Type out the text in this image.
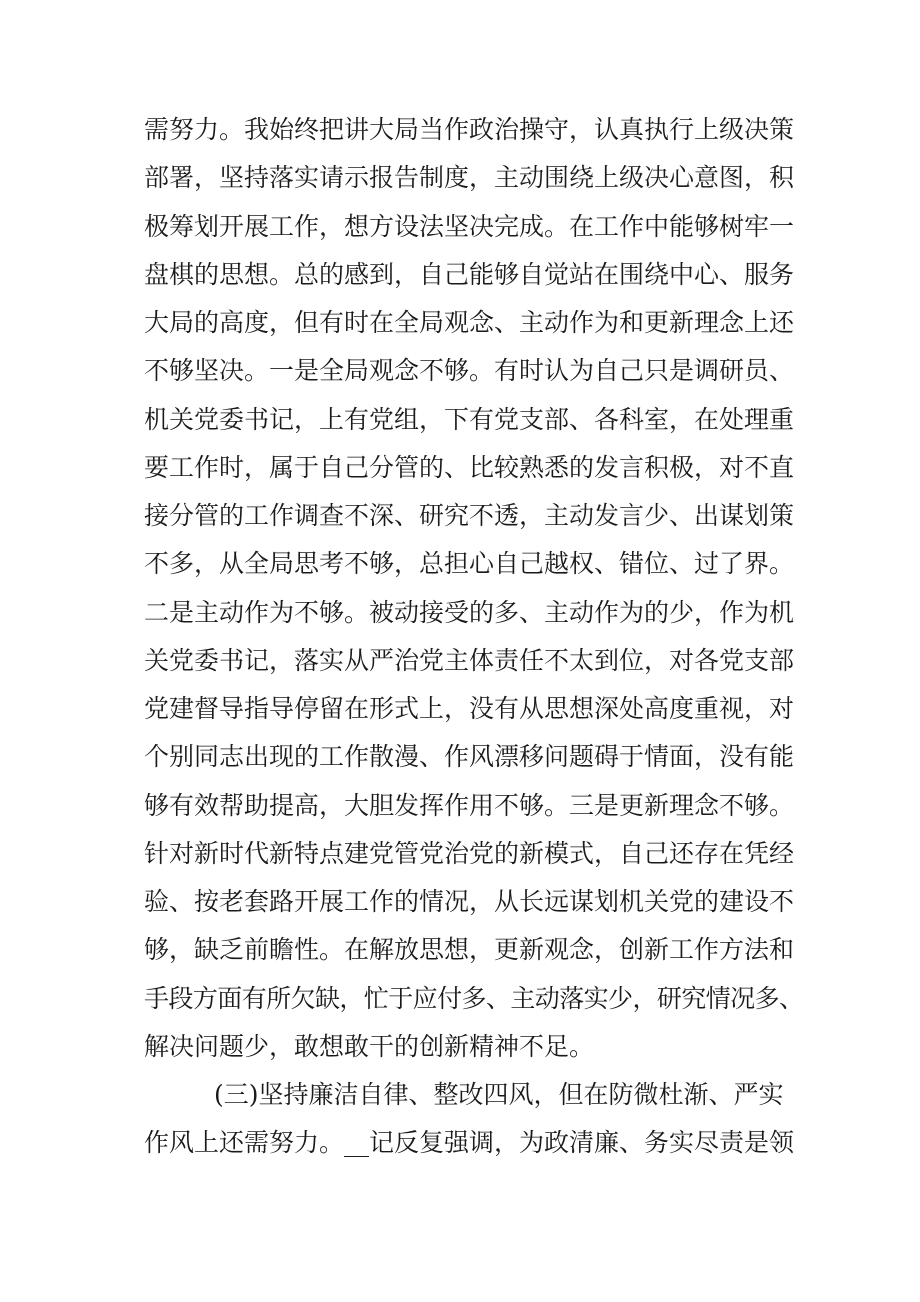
需努力。我始终把讲大局当作政治操守，认真执行上级决策
部署，坚持落实请示报告制度，主动围绕上级决心意图，积
极筹划开展工作，想方设法坚决完成。在工作中能够树牢一
盘棋的思想。总的感到，自己能够自觉站在围绕中心、服务
大局的高度，但有时在全局观念、主动作为和更新理念上还
不够坚决。一是全局观念不够。有时认为自己只是调研员、
机关党委书记，上有党组，下有党支部、各科室，在处理重
要工作时，属于自己分管的、比较熟悉的发言积极，对不直
接分管的工作调查不深、研究不透，主动发言少、出谋划策
不多，从全局思考不够，总担心自己越权、错位、过了界。
二是主动作为不够。被动接受的多、主动作为的少，作为机
关党委书记，落实从严治党主体责任不太到位，对各党支部
党建督导指导停留在形式上，没有从思想深处高度重视，对
个别同志出现的工作散漫、作风漂移问题碍于情面，没有能
够有效帮助提高，大胆发挥作用不够。三是更新理念不够。
针对新时代新特点建党管党治党的新模式，自己还存在凭经
验、按老套路开展工作的情况，从长远谋划机关党的建设不
够，缺乏前瞻性。在解放思想，更新观念，创新工作方法和
手段方面有所欠缺，忙于应付多、主动落实少，研究情况多、
解决问题少，敢想敢干的创新精神不足。
(三)坚持廉洁自律、整改四风，但在防微杜渐、严实
作风上还需努力。__记反复强调，为政清廉、务实尽责是领
